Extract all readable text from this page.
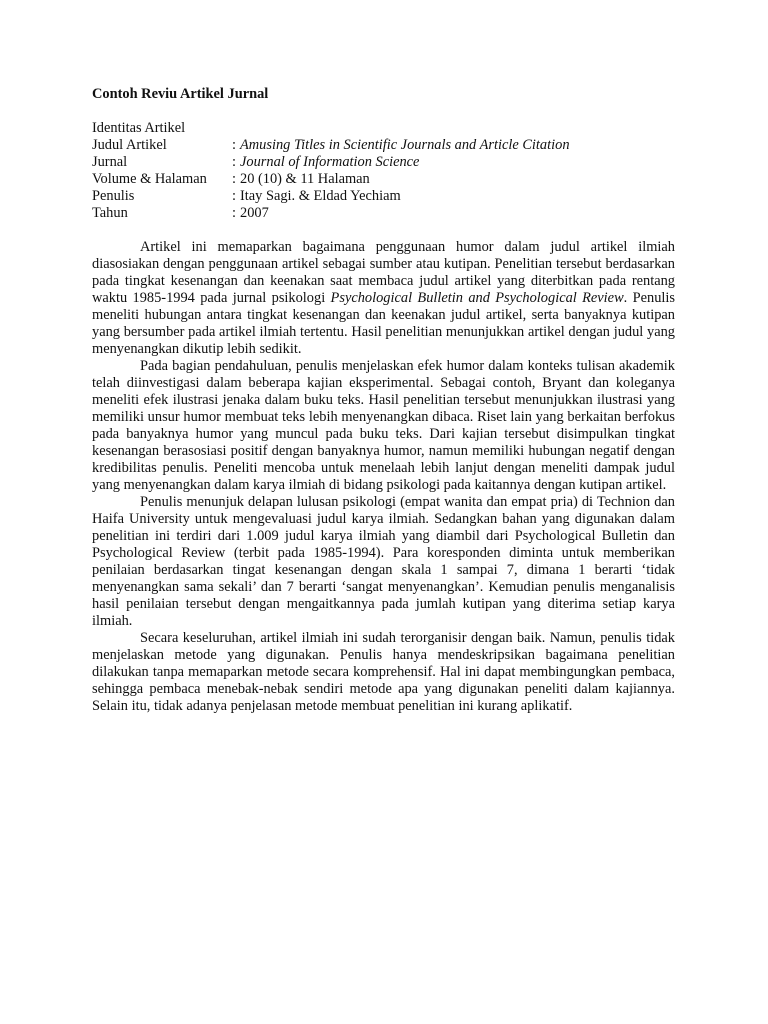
Contoh Reviu Artikel Jurnal
Identitas Artikel
Judul Artikel	: Amusing Titles in Scientific Journals and Article Citation
Jurnal	: Journal of Information Science
Volume & Halaman	: 20 (10) & 11 Halaman
Penulis	: Itay Sagi. & Eldad Yechiam
Tahun	: 2007

Artikel ini memaparkan bagaimana penggunaan humor dalam judul artikel ilmiah diasosiakan dengan penggunaan artikel sebagai sumber atau kutipan. Penelitian tersebut berdasarkan pada tingkat kesenangan dan keenakan saat membaca judul artikel yang diterbitkan pada rentang waktu 1985-1994 pada jurnal psikologi Psychological Bulletin and Psychological Review. Penulis meneliti hubungan antara tingkat kesenangan dan keenakan judul artikel, serta banyaknya kutipan yang bersumber pada artikel ilmiah tertentu. Hasil penelitian menunjukkan artikel dengan judul yang menyenangkan dikutip lebih sedikit.

Pada bagian pendahuluan, penulis menjelaskan efek humor dalam konteks tulisan akademik telah diinvestigasi dalam beberapa kajian eksperimental. Sebagai contoh, Bryant dan koleganya meneliti efek ilustrasi jenaka dalam buku teks. Hasil penelitian tersebut menunjukkan ilustrasi yang memiliki unsur humor membuat teks lebih menyenangkan dibaca. Riset lain yang berkaitan berfokus pada banyaknya humor yang muncul pada buku teks. Dari kajian tersebut disimpulkan tingkat kesenangan berasosiasi positif dengan banyaknya humor, namun memiliki hubungan negatif dengan kredibilitas penulis. Peneliti mencoba untuk menelaah lebih lanjut dengan meneliti dampak judul yang menyenangkan dalam karya ilmiah di bidang psikologi pada kaitannya dengan kutipan artikel.

Penulis menunjuk delapan lulusan psikologi (empat wanita dan empat pria) di Technion dan Haifa University untuk mengevaluasi judul karya ilmiah. Sedangkan bahan yang digunakan dalam penelitian ini terdiri dari 1.009 judul karya ilmiah yang diambil dari Psychological Bulletin dan Psychological Review (terbit pada 1985-1994). Para koresponden diminta untuk memberikan penilaian berdasarkan tingat kesenangan dengan skala 1 sampai 7, dimana 1 berarti ‘tidak menyenangkan sama sekali’ dan 7 berarti ‘sangat menyenangkan’. Kemudian penulis menganalisis hasil penilaian tersebut dengan mengaitkannya pada jumlah kutipan yang diterima setiap karya ilmiah.

Secara keseluruhan, artikel ilmiah ini sudah terorganisir dengan baik. Namun, penulis tidak menjelaskan metode yang digunakan. Penulis hanya mendeskripsikan bagaimana penelitian dilakukan tanpa memaparkan metode secara komprehensif. Hal ini dapat membingungkan pembaca, sehingga pembaca menebak-nebak sendiri metode apa yang digunakan peneliti dalam kajiannya. Selain itu, tidak adanya penjelasan metode membuat penelitian ini kurang aplikatif.
